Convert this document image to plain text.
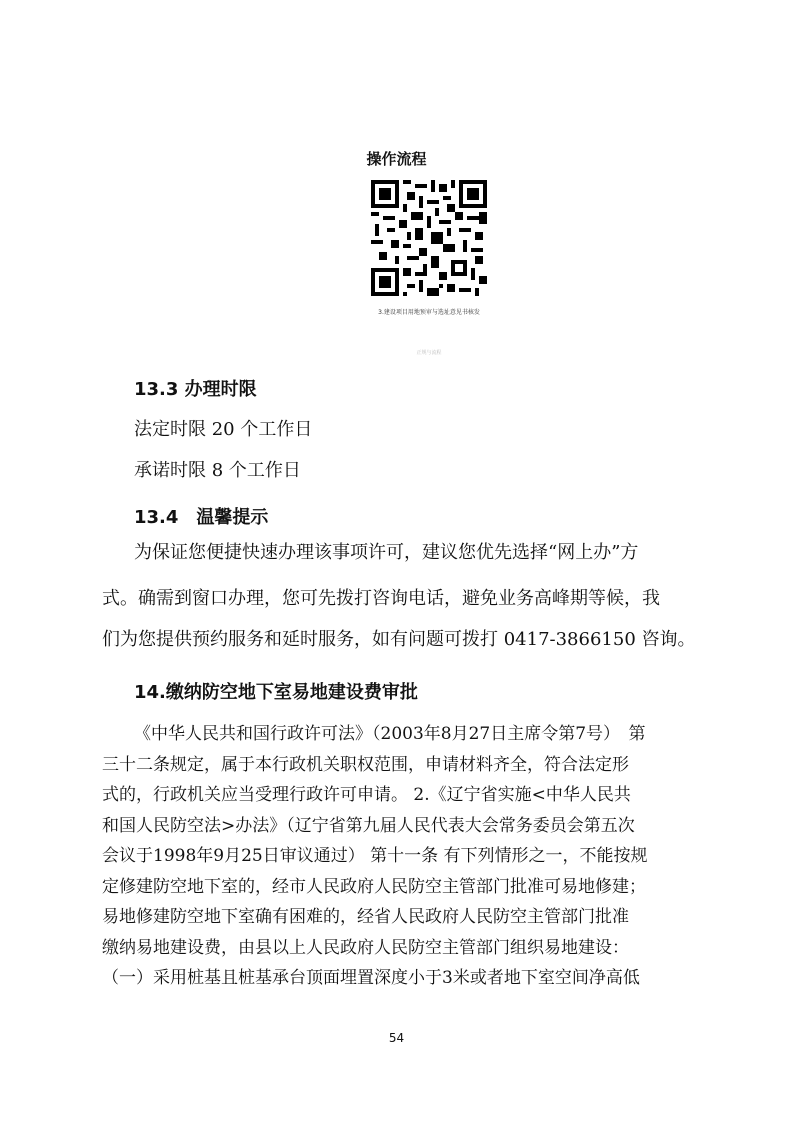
操作流程
3.建设项目用地预审与选址意见书核发
正规与流程
13.3 办理时限
法定时限 20 个工作日
承诺时限 8 个工作日
13.4　温馨提示
为保证您便捷快速办理该事项许可，建议您优先选择“网上办”方
式。确需到窗口办理，您可先拨打咨询电话，避免业务高峰期等候，我
们为您提供预约服务和延时服务，如有问题可拨打 0417-3866150 咨询。
14.缴纳防空地下室易地建设费审批
《中华人民共和国行政许可法》（2003年8月27日主席令第7号）　第
三十二条规定，属于本行政机关职权范围，申请材料齐全，符合法定形
式的，行政机关应当受理行政许可申请。 2.《辽宁省实施<中华人民共
和国人民防空法>办法》（辽宁省第九届人民代表大会常务委员会第五次
会议于1998年9月25日审议通过） 第十一条 有下列情形之一，不能按规
定修建防空地下室的，经市人民政府人民防空主管部门批准可易地修建；
易地修建防空地下室确有困难的，经省人民政府人民防空主管部门批准
缴纳易地建设费，由县以上人民政府人民防空主管部门组织易地建设：
（一）采用桩基且桩基承台顶面埋置深度小于3米或者地下室空间净高低
54
